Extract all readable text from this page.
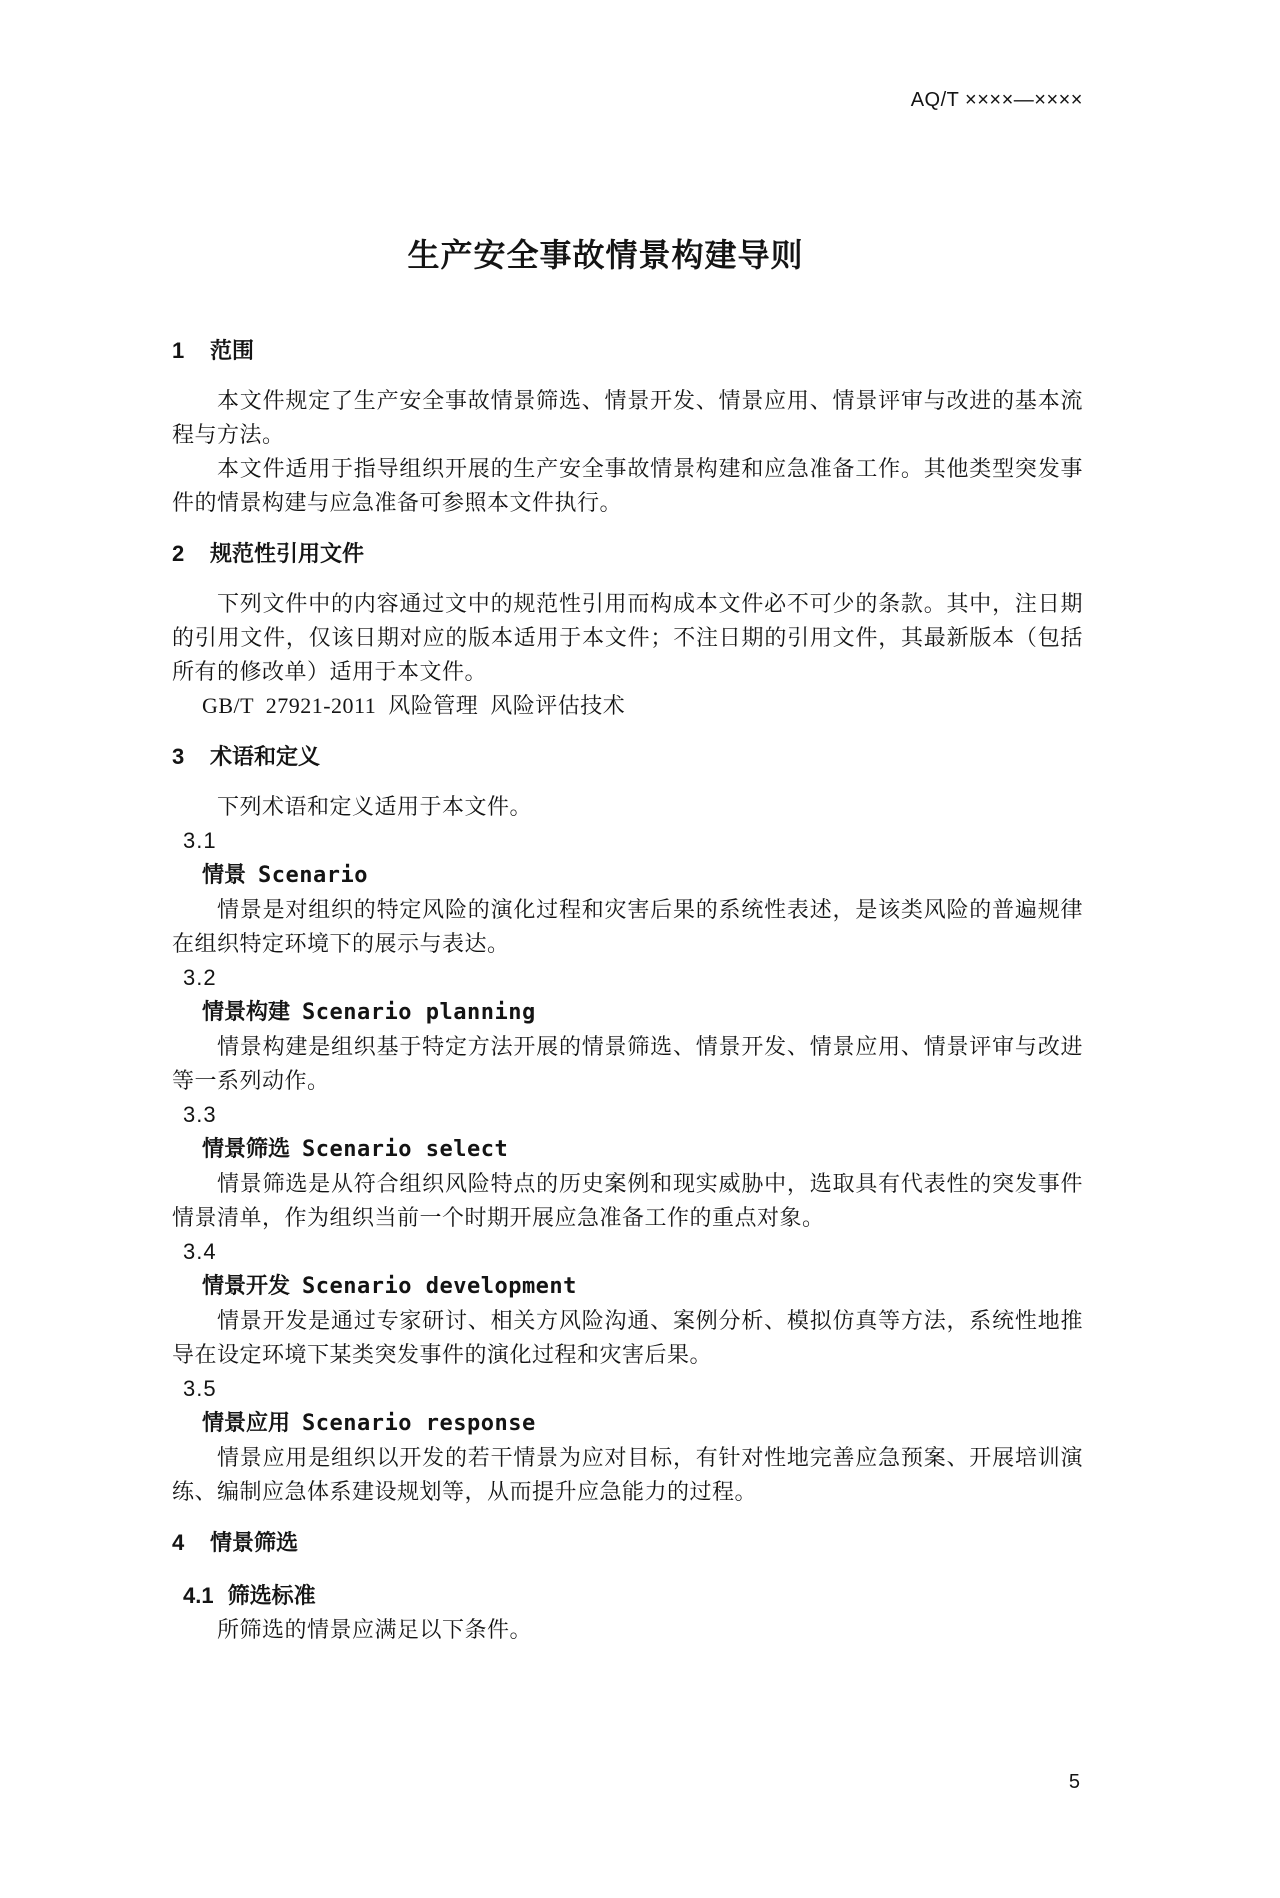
AQ/T ××××—××××
生产安全事故情景构建导则
1	范围

本文件规定了生产安全事故情景筛选、情景开发、情景应用、情景评审与改进的基本流程与方法。

本文件适用于指导组织开展的生产安全事故情景构建和应急准备工作。其他类型突发事件的情景构建与应急准备可参照本文件执行。

2	规范性引用文件

下列文件中的内容通过文中的规范性引用而构成本文件必不可少的条款。其中，注日期的引用文件，仅该日期对应的版本适用于本文件；不注日期的引用文件，其最新版本（包括所有的修改单）适用于本文件。

GB/T 27921-2011 风险管理 风险评估技术

3	术语和定义

下列术语和定义适用于本文件。

3.1

情景 Scenario

情景是对组织的特定风险的演化过程和灾害后果的系统性表述，是该类风险的普遍规律在组织特定环境下的展示与表达。

3.2

情景构建 Scenario planning

情景构建是组织基于特定方法开展的情景筛选、情景开发、情景应用、情景评审与改进等一系列动作。

3.3

情景筛选 Scenario select

情景筛选是从符合组织风险特点的历史案例和现实威胁中，选取具有代表性的突发事件情景清单，作为组织当前一个时期开展应急准备工作的重点对象。

3.4

情景开发 Scenario development

情景开发是通过专家研讨、相关方风险沟通、案例分析、模拟仿真等方法，系统性地推导在设定环境下某类突发事件的演化过程和灾害后果。

3.5

情景应用 Scenario response

情景应用是组织以开发的若干情景为应对目标，有针对性地完善应急预案、开展培训演练、编制应急体系建设规划等，从而提升应急能力的过程。

4	情景筛选
4.1 筛选标准

所筛选的情景应满足以下条件。

5
